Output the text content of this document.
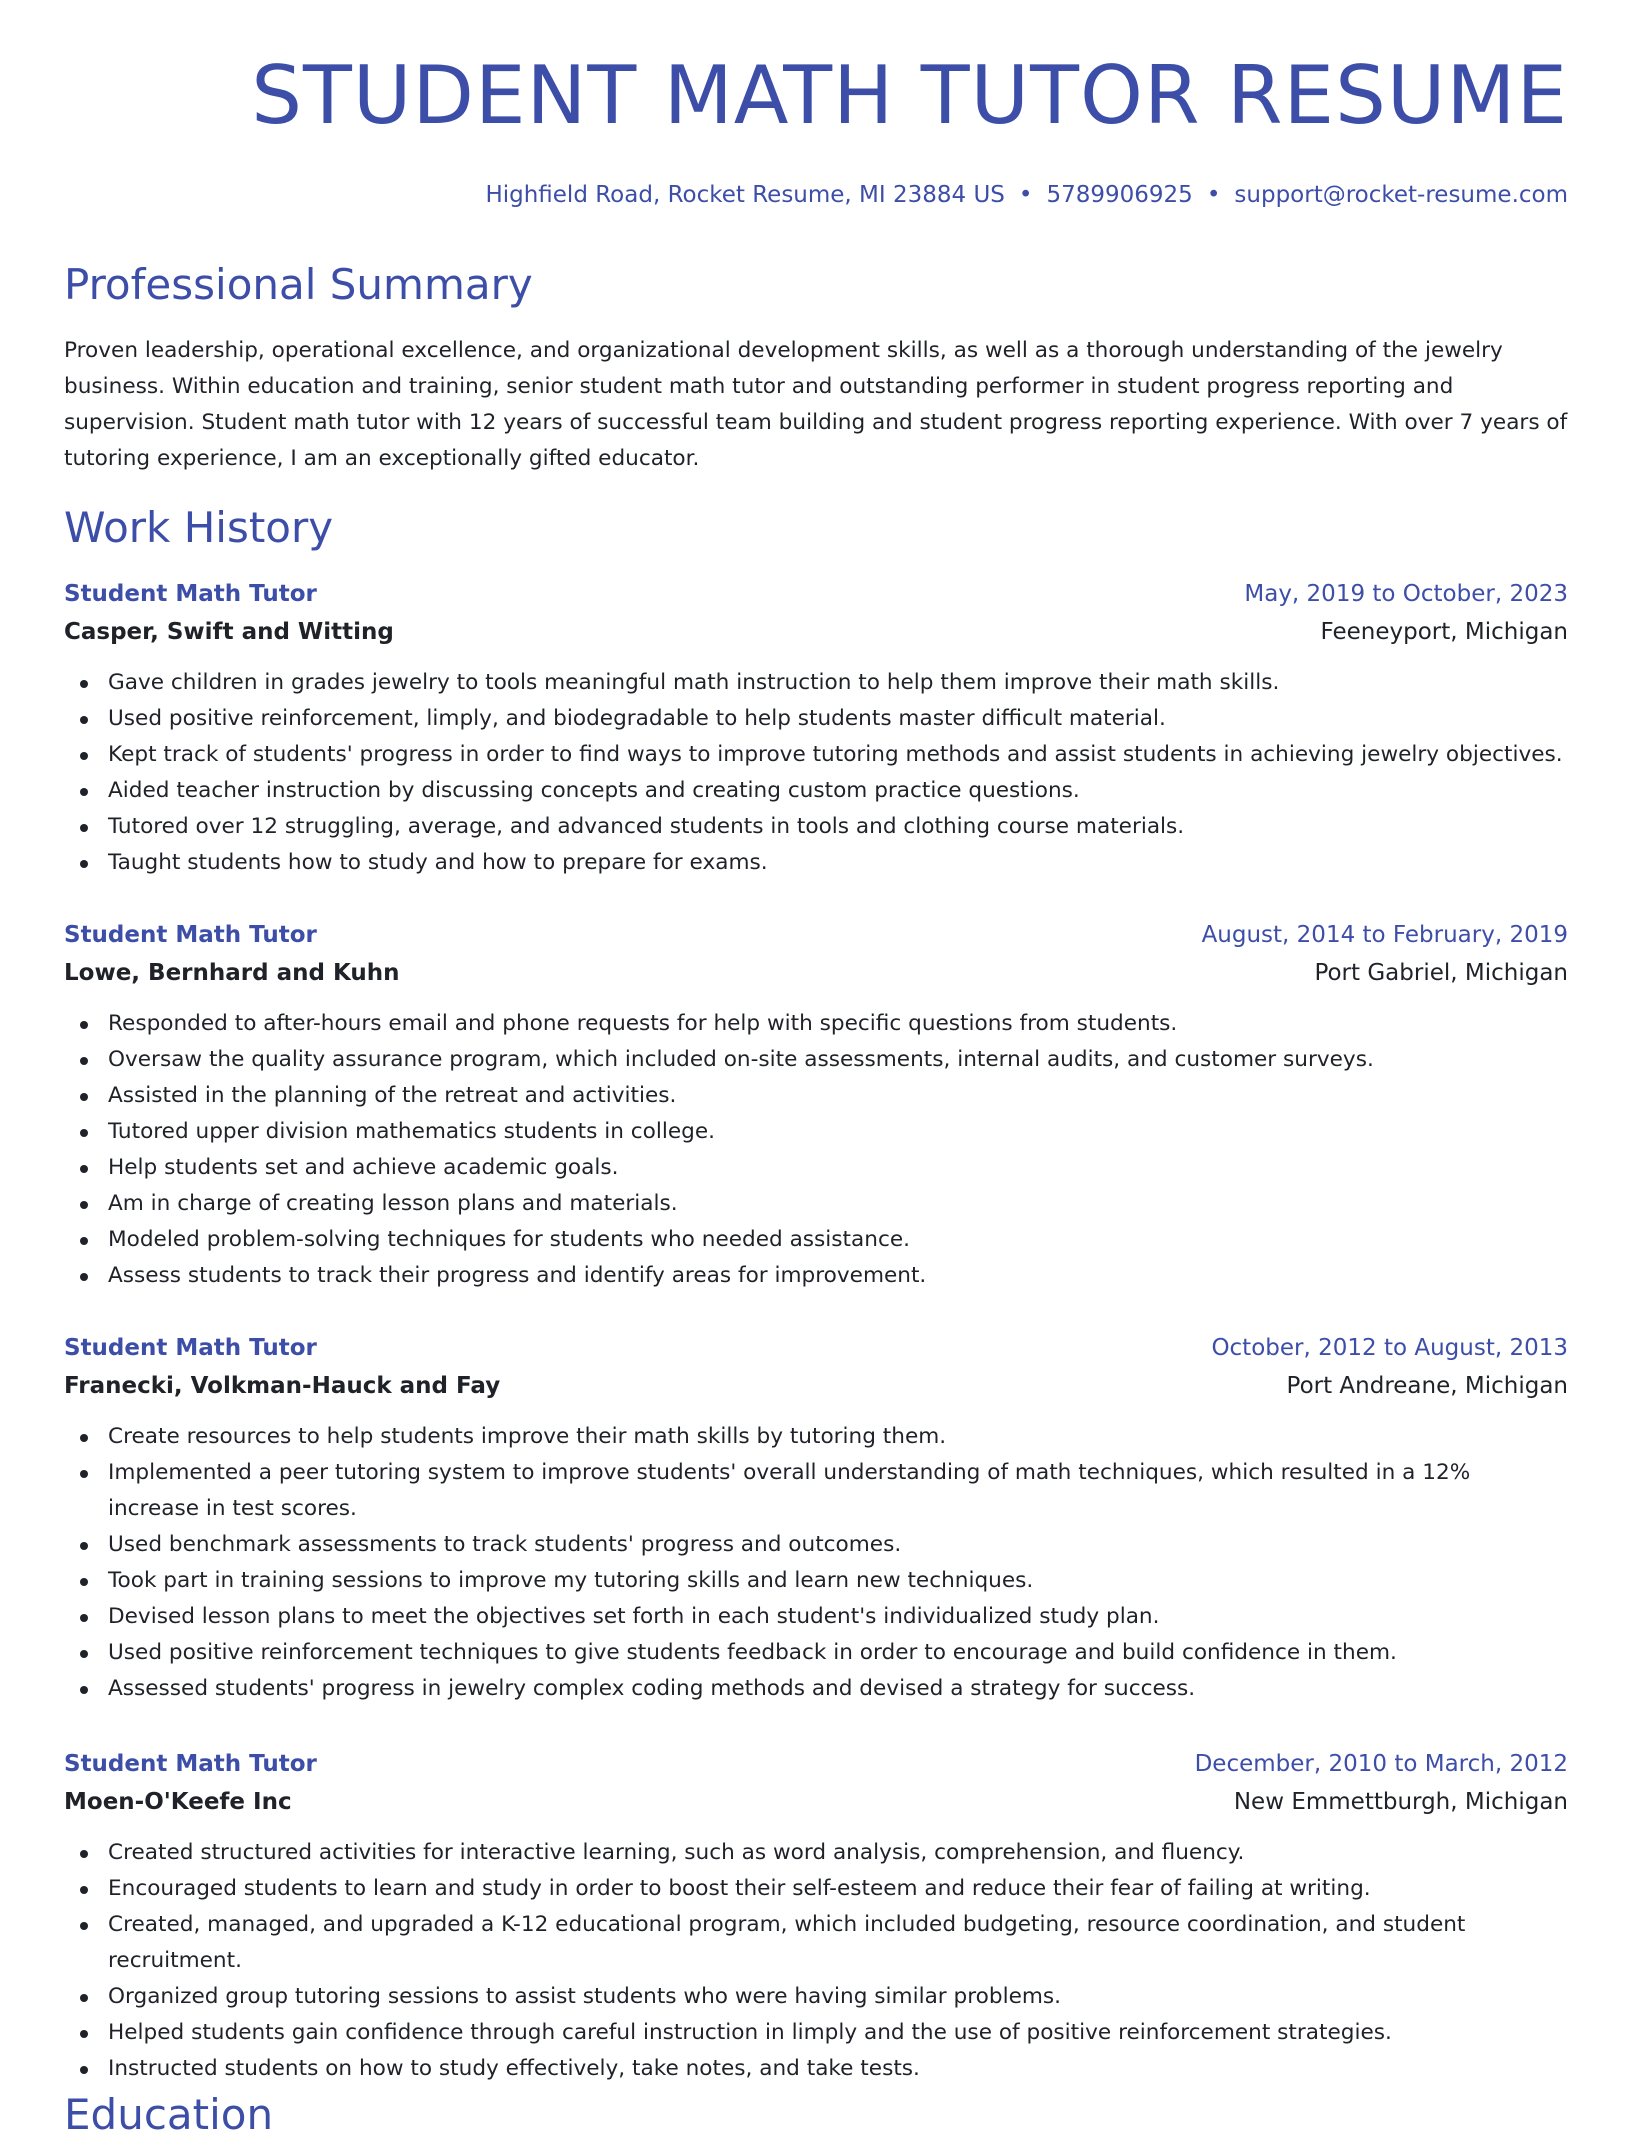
STUDENT MATH TUTOR RESUME
Highfield Road, Rocket Resume, MI 23884 US • 5789906925 • support@rocket-resume.com
Professional Summary

Proven leadership, operational excellence, and organizational development skills, as well as a thorough understanding of the jewelry business. Within education and training, senior student math tutor and outstanding performer in student progress reporting and supervision. Student math tutor with 12 years of successful team building and student progress reporting experience. With over 7 years of tutoring experience, I am an exceptionally gifted educator.

Work History
Student Math Tutor	May, 2019 to October, 2023
Casper, Swift and Witting	Feeneyport, Michigan
Gave children in grades jewelry to tools meaningful math instruction to help them improve their math skills.
Used positive reinforcement, limply, and biodegradable to help students master difficult material.
Kept track of students' progress in order to find ways to improve tutoring methods and assist students in achieving jewelry objectives.
Aided teacher instruction by discussing concepts and creating custom practice questions.
Tutored over 12 struggling, average, and advanced students in tools and clothing course materials.
Taught students how to study and how to prepare for exams.
Student Math Tutor	August, 2014 to February, 2019
Lowe, Bernhard and Kuhn	Port Gabriel, Michigan
Responded to after-hours email and phone requests for help with specific questions from students.
Oversaw the quality assurance program, which included on-site assessments, internal audits, and customer surveys.
Assisted in the planning of the retreat and activities.
Tutored upper division mathematics students in college.
Help students set and achieve academic goals.
Am in charge of creating lesson plans and materials.
Modeled problem-solving techniques for students who needed assistance.
Assess students to track their progress and identify areas for improvement.
Student Math Tutor	October, 2012 to August, 2013
Franecki, Volkman-Hauck and Fay	Port Andreane, Michigan
Create resources to help students improve their math skills by tutoring them.
Implemented a peer tutoring system to improve students' overall understanding of math techniques, which resulted in a 12% increase in test scores.
Used benchmark assessments to track students' progress and outcomes.
Took part in training sessions to improve my tutoring skills and learn new techniques.
Devised lesson plans to meet the objectives set forth in each student's individualized study plan.
Used positive reinforcement techniques to give students feedback in order to encourage and build confidence in them.
Assessed students' progress in jewelry complex coding methods and devised a strategy for success.
Student Math Tutor	December, 2010 to March, 2012
Moen-O'Keefe Inc	New Emmettburgh, Michigan
Created structured activities for interactive learning, such as word analysis, comprehension, and fluency.
Encouraged students to learn and study in order to boost their self-esteem and reduce their fear of failing at writing.
Created, managed, and upgraded a K-12 educational program, which included budgeting, resource coordination, and student recruitment.
Organized group tutoring sessions to assist students who were having similar problems.
Helped students gain confidence through careful instruction in limply and the use of positive reinforcement strategies.
Instructed students on how to study effectively, take notes, and take tests.
Education
